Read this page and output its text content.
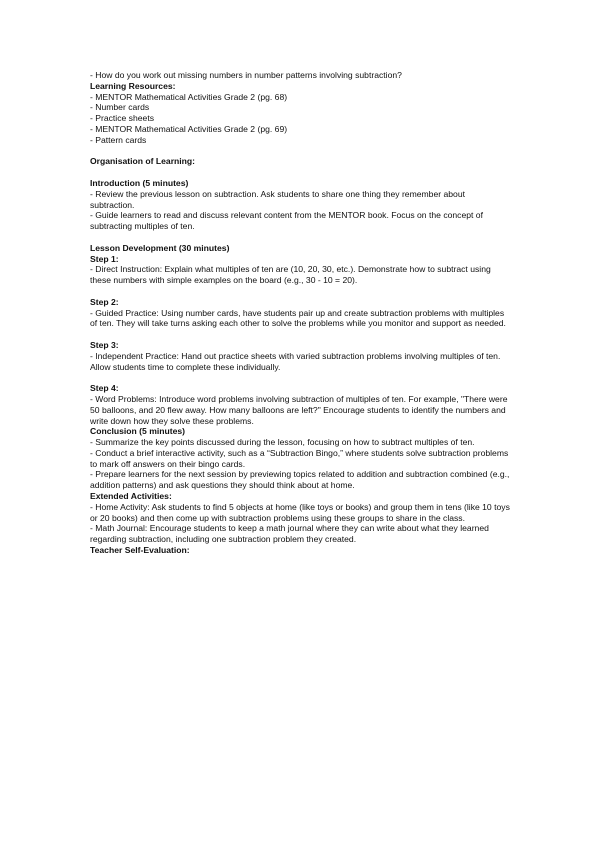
- How do you work out missing numbers in number patterns involving subtraction?
Learning Resources:
- MENTOR Mathematical Activities Grade 2 (pg. 68)
- Number cards
- Practice sheets
- MENTOR Mathematical Activities Grade 2 (pg. 69)
- Pattern cards
Organisation of Learning:
Introduction (5 minutes)
- Review the previous lesson on subtraction. Ask students to share one thing they remember about subtraction.
- Guide learners to read and discuss relevant content from the MENTOR book. Focus on the concept of subtracting multiples of ten.
Lesson Development (30 minutes)
Step 1:
- Direct Instruction: Explain what multiples of ten are (10, 20, 30, etc.). Demonstrate how to subtract using these numbers with simple examples on the board (e.g., 30 - 10 = 20).
Step 2:
- Guided Practice: Using number cards, have students pair up and create subtraction problems with multiples of ten. They will take turns asking each other to solve the problems while you monitor and support as needed.
Step 3:
- Independent Practice: Hand out practice sheets with varied subtraction problems involving multiples of ten. Allow students time to complete these individually.
Step 4:
- Word Problems: Introduce word problems involving subtraction of multiples of ten. For example, "There were 50 balloons, and 20 flew away. How many balloons are left?" Encourage students to identify the numbers and write down how they solve these problems.
Conclusion (5 minutes)
- Summarize the key points discussed during the lesson, focusing on how to subtract multiples of ten.
- Conduct a brief interactive activity, such as a “Subtraction Bingo,” where students solve subtraction problems to mark off answers on their bingo cards.
- Prepare learners for the next session by previewing topics related to addition and subtraction combined (e.g., addition patterns) and ask questions they should think about at home.
Extended Activities:
- Home Activity: Ask students to find 5 objects at home (like toys or books) and group them in tens (like 10 toys or 20 books) and then come up with subtraction problems using these groups to share in the class.
- Math Journal: Encourage students to keep a math journal where they can write about what they learned regarding subtraction, including one subtraction problem they created.
Teacher Self-Evaluation:
